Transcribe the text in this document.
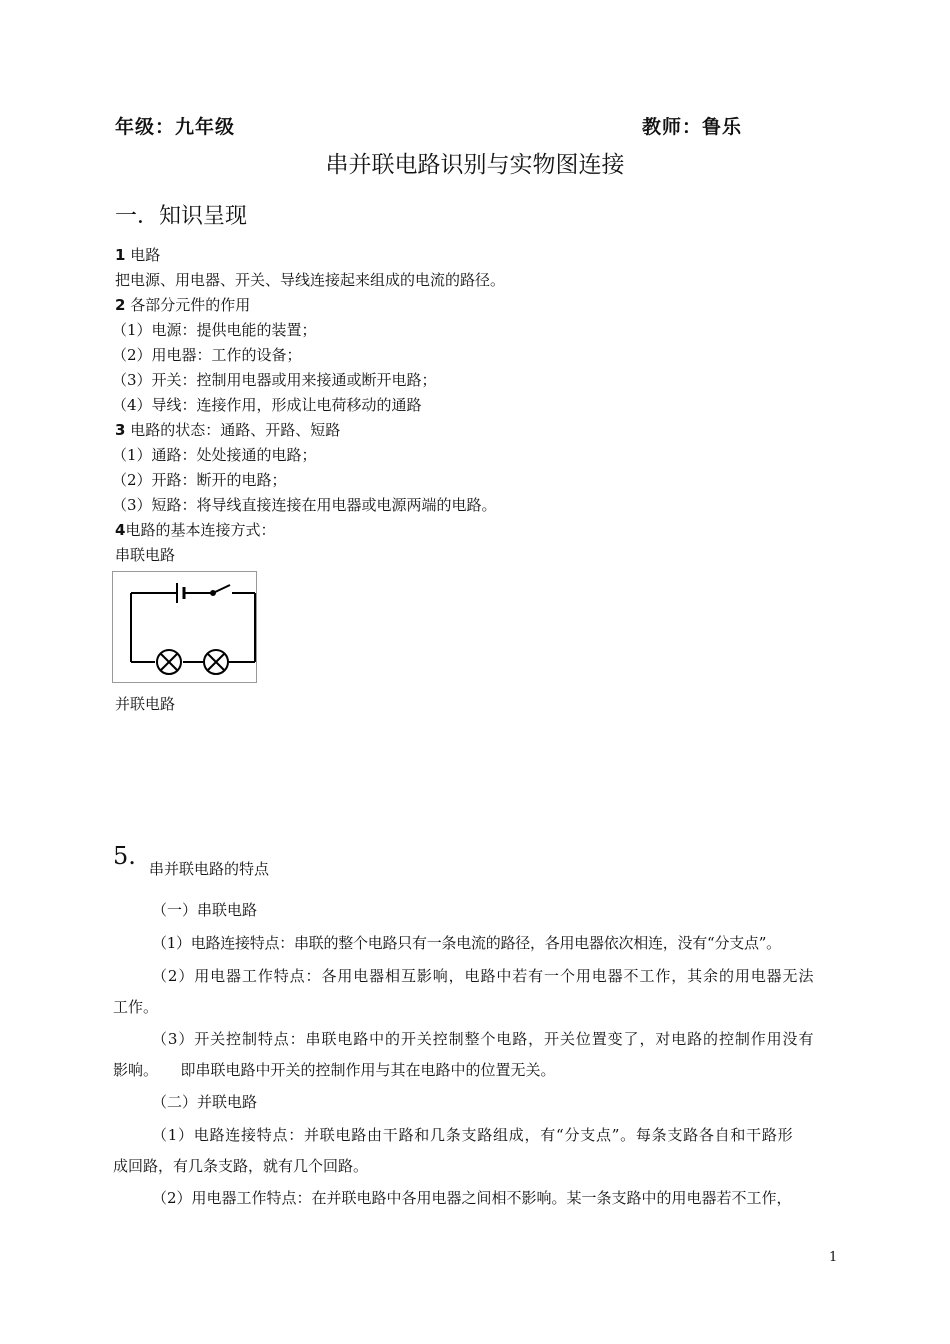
年级：九年级	教师：鲁乐
串并联电路识别与实物图连接
一．知识呈现
1 电路
把电源、用电器、开关、导线连接起来组成的电流的路径。
2 各部分元件的作用
（1）电源：提供电能的装置；
（2）用电器：工作的设备；
（3）开关：控制用电器或用来接通或断开电路；
（4）导线：连接作用，形成让电荷移动的通路
3 电路的状态：通路、开路、短路
（1）通路：处处接通的电路；
（2）开路：断开的电路；
（3）短路：将导线直接连接在用电器或电源两端的电路。
4电路的基本连接方式：
串联电路
并联电路
5. 串并联电路的特点
（一）串联电路
（1）电路连接特点：串联的整个电路只有一条电流的路径，各用电器依次相连，没有“分支点”。
（2）用电器工作特点：各用电器相互影响，电路中若有一个用电器不工作，其余的用电器无法
工作。
（3）开关控制特点：串联电路中的开关控制整个电路，开关位置变了，对电路的控制作用没有
影响。　　即串联电路中开关的控制作用与其在电路中的位置无关。
（二）并联电路
（1）电路连接特点：并联电路由干路和几条支路组成，有“分支点”。每条支路各自和干路形
成回路，有几条支路，就有几个回路。
（2）用电器工作特点：在并联电路中各用电器之间相不影响。某一条支路中的用电器若不工作，
1
